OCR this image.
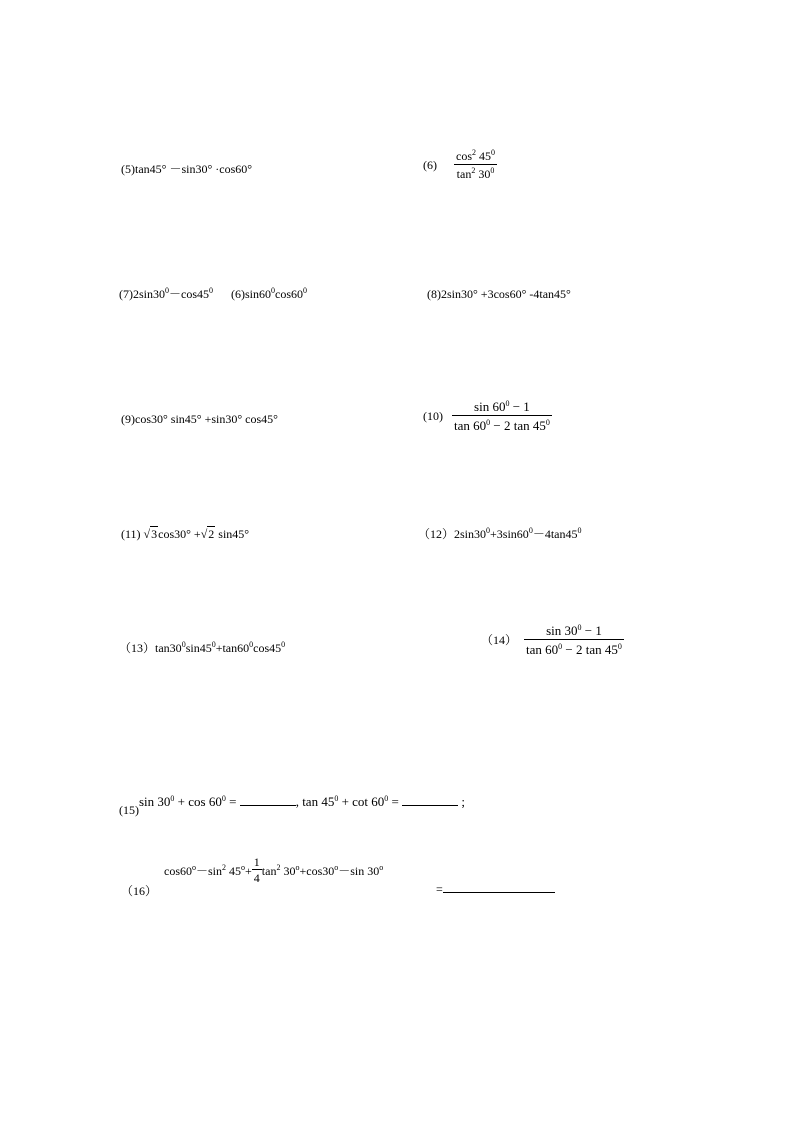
(5)tan45° －sin30° ·cos60°	$(6) \frac{\cos^2 45^0}{\tan^2 30^0}$
$(7)2\sin 30^0-\cos 45^0$ $(6)\sin 60^0\cos 60^0$	(8)2sin30° +3cos60° -4tan45°
(9)cos30° sin45° +sin30° cos45°	$(10) \frac{\sin 60^0 - 1}{\tan 60^0 - 2 \tan 45^0}$
(11) √3cos30° +√2 sin45°	$(12)2\sin 30^0+3\sin 60^0-4\tan 45^0$
$(13)\tan 30^0\sin 45^0+\tan 60^0\cos 45^0$	$(14) \frac{\sin 30^0 - 1}{\tan 60^0 - 2 \tan 45^0}$
(15)sin $30^0 + \cos 60^0$ =	, $\tan 45^0 + \cot 60^0$ =	;
（16）
$\cos 60^o-\sin^2$ $45^o+ \frac{1}{4} \tan^2 30^o+\cos 30^o-\sin$ $30^o$
=
